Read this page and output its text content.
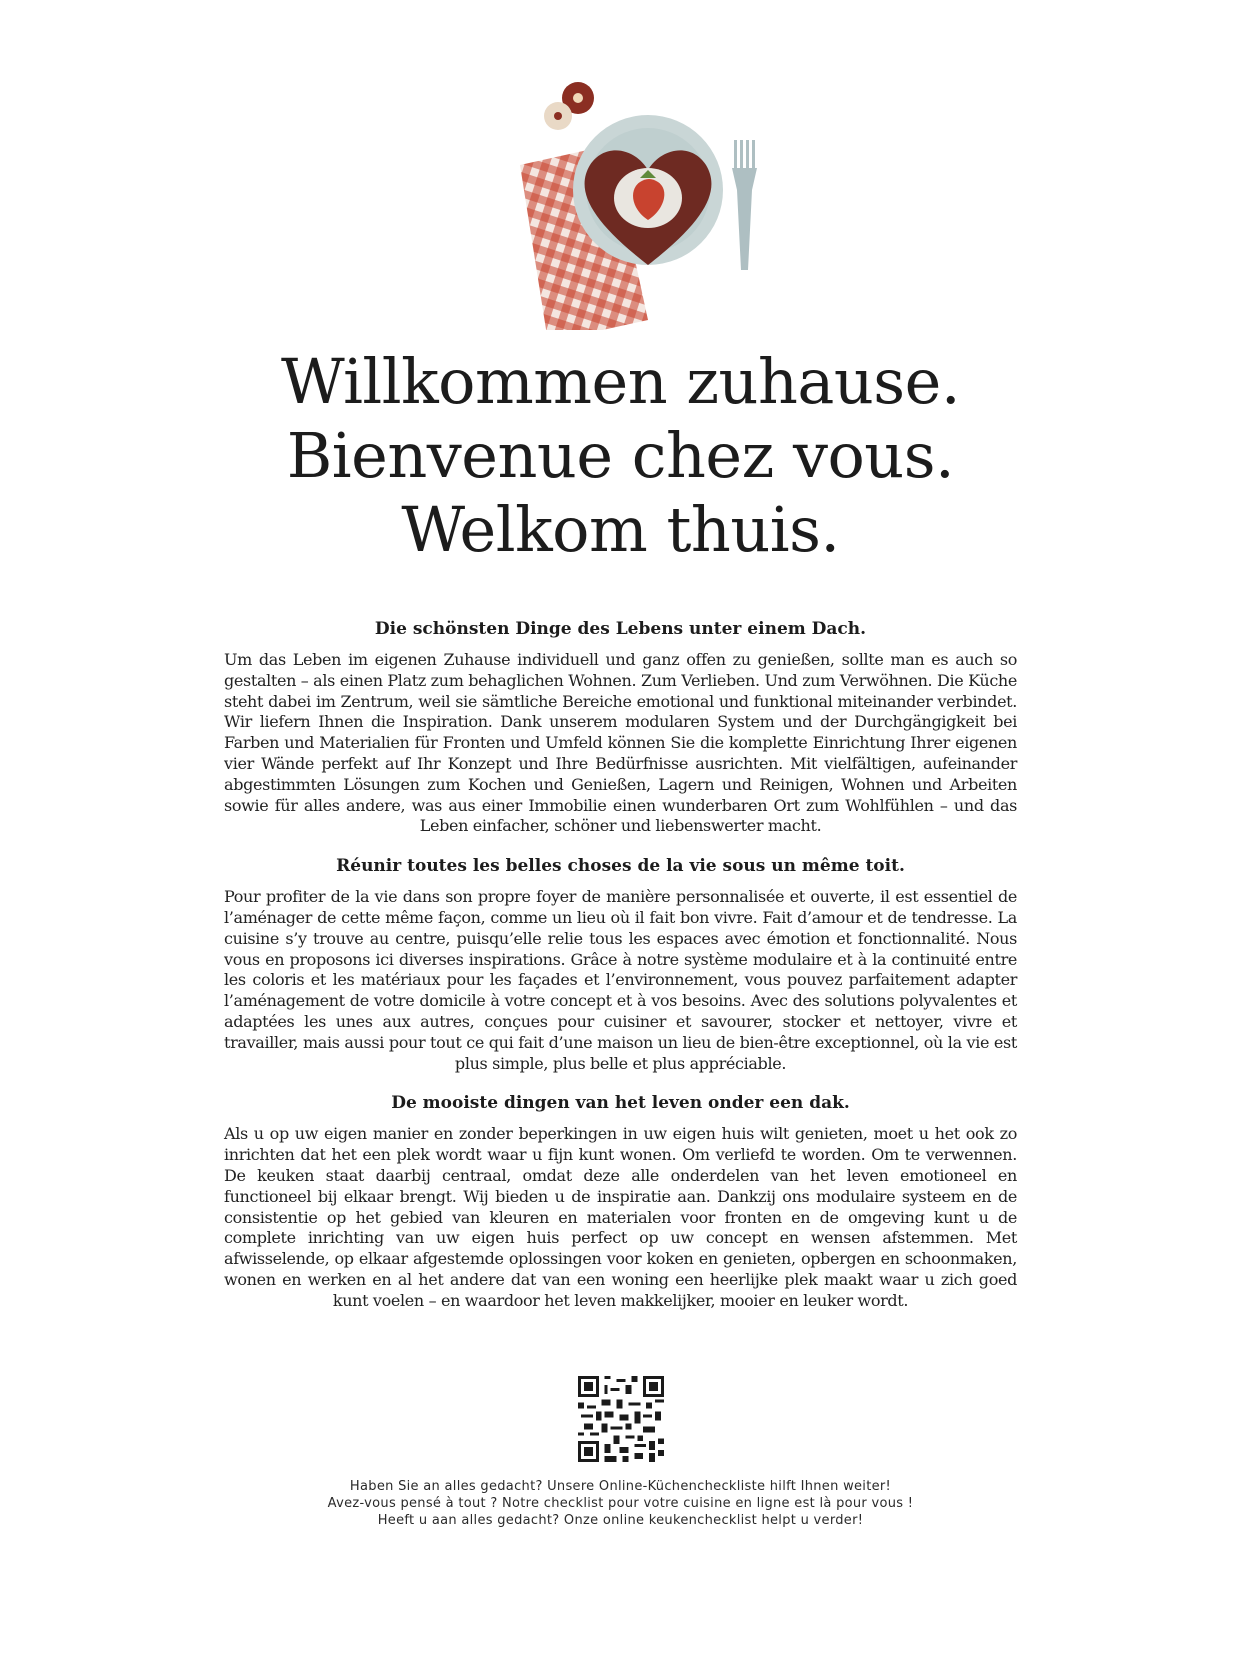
Willkommen zuhause.
Bienvenue chez vous.
Welkom thuis.
Die schönsten Dinge des Lebens unter einem Dach.

Um das Leben im eigenen Zuhause individuell und ganz offen zu genießen, sollte man es auch so gestalten – als einen Platz zum behaglichen Wohnen. Zum Verlieben. Und zum Verwöhnen. Die Küche steht dabei im Zentrum, weil sie sämtliche Bereiche emotional und funktional miteinander verbindet. Wir liefern Ihnen die Inspiration. Dank unserem modularen System und der Durchgängigkeit bei Farben und Materialien für Fronten und Umfeld können Sie die komplette Einrichtung Ihrer eigenen vier Wände perfekt auf Ihr Konzept und Ihre Bedürfnisse ausrichten. Mit vielfältigen, aufeinander abgestimmten Lösungen zum Kochen und Genießen, Lagern und Reinigen, Wohnen und Arbeiten sowie für alles andere, was aus einer Immobilie einen wunderbaren Ort zum Wohlfühlen – und das Leben einfacher, schöner und liebenswerter macht.

Réunir toutes les belles choses de la vie sous un même toit.

Pour profiter de la vie dans son propre foyer de manière personnalisée et ouverte, il est essentiel de l’aménager de cette même façon, comme un lieu où il fait bon vivre. Fait d’amour et de tendresse. La cuisine s’y trouve au centre, puisqu’elle relie tous les espaces avec émotion et fonctionnalité. Nous vous en proposons ici diverses inspirations. Grâce à notre système modulaire et à la continuité entre les coloris et les matériaux pour les façades et l’environnement, vous pouvez parfaitement adapter l’aménagement de votre domicile à votre concept et à vos besoins. Avec des solutions polyvalentes et adaptées les unes aux autres, conçues pour cuisiner et savourer, stocker et nettoyer, vivre et travailler, mais aussi pour tout ce qui fait d’une maison un lieu de bien-être exceptionnel, où la vie est plus simple, plus belle et plus appréciable.

De mooiste dingen van het leven onder een dak.

Als u op uw eigen manier en zonder beperkingen in uw eigen huis wilt genieten, moet u het ook zo inrichten dat het een plek wordt waar u fijn kunt wonen. Om verliefd te worden. Om te verwennen. De keuken staat daarbij centraal, omdat deze alle onderdelen van het leven emotioneel en functioneel bij elkaar brengt. Wij bieden u de inspiratie aan. Dankzij ons modulaire systeem en de consistentie op het gebied van kleuren en materialen voor fronten en de omgeving kunt u de complete inrichting van uw eigen huis perfect op uw concept en wensen afstemmen. Met afwisselende, op elkaar afgestemde oplossingen voor koken en genieten, opbergen en schoonmaken, wonen en werken en al het andere dat van een woning een heerlijke plek maakt waar u zich goed kunt voelen – en waardoor het leven makkelijker, mooier en leuker wordt.

Haben Sie an alles gedacht? Unsere Online-Küchencheckliste hilft Ihnen weiter!
Avez-vous pensé à tout ? Notre checklist pour votre cuisine en ligne est là pour vous !
Heeft u aan alles gedacht? Onze online keukenchecklist helpt u verder!
